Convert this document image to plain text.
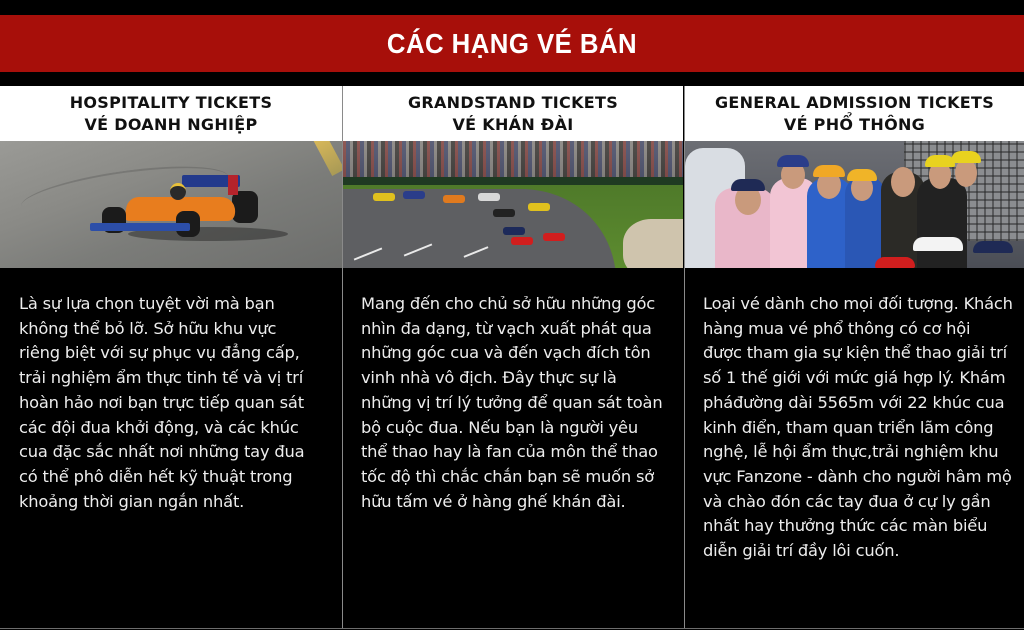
CÁC HẠNG VÉ BÁN
HOSPITALITY TICKETS
VÉ DOANH NGHIỆP
Là sự lựa chọn tuyệt vời mà bạn không thể bỏ lỡ. Sở hữu khu vực riêng biệt với sự phục vụ đẳng cấp, trải nghiệm ẩm thực tinh tế và vị trí hoàn hảo nơi bạn trực tiếp quan sát các đội đua khởi động, và các khúc cua đặc sắc nhất nơi những tay đua có thể phô diễn hết kỹ thuật trong khoảng thời gian ngắn nhất.
GRANDSTAND TICKETS
VÉ KHÁN ĐÀI
Mang đến cho chủ sở hữu những góc nhìn đa dạng, từ vạch xuất phát qua những góc cua và đến vạch đích tôn vinh nhà vô địch. Đây thực sự là những vị trí lý tưởng để quan sát toàn bộ cuộc đua. Nếu bạn là người yêu thể thao hay là fan của môn thể thao tốc độ thì chắc chắn bạn sẽ muốn sở hữu tấm vé ở hàng ghế khán đài.
GENERAL ADMISSION TICKETS
VÉ PHỔ THÔNG
Loại vé dành cho mọi đối tượng. Khách hàng mua vé phổ thông có cơ hội được tham gia sự kiện thể thao giải trí số 1 thế giới với mức giá hợp lý. Khám pháđường dài 5565m với 22 khúc cua kinh điển, tham quan triển lãm công nghệ, lễ hội ẩm thực,trải nghiệm khu vực Fanzone - dành cho người hâm mộ và chào đón các tay đua ở cự ly gần nhất hay thưởng thức các màn biểu diễn giải trí đầy lôi cuốn.
